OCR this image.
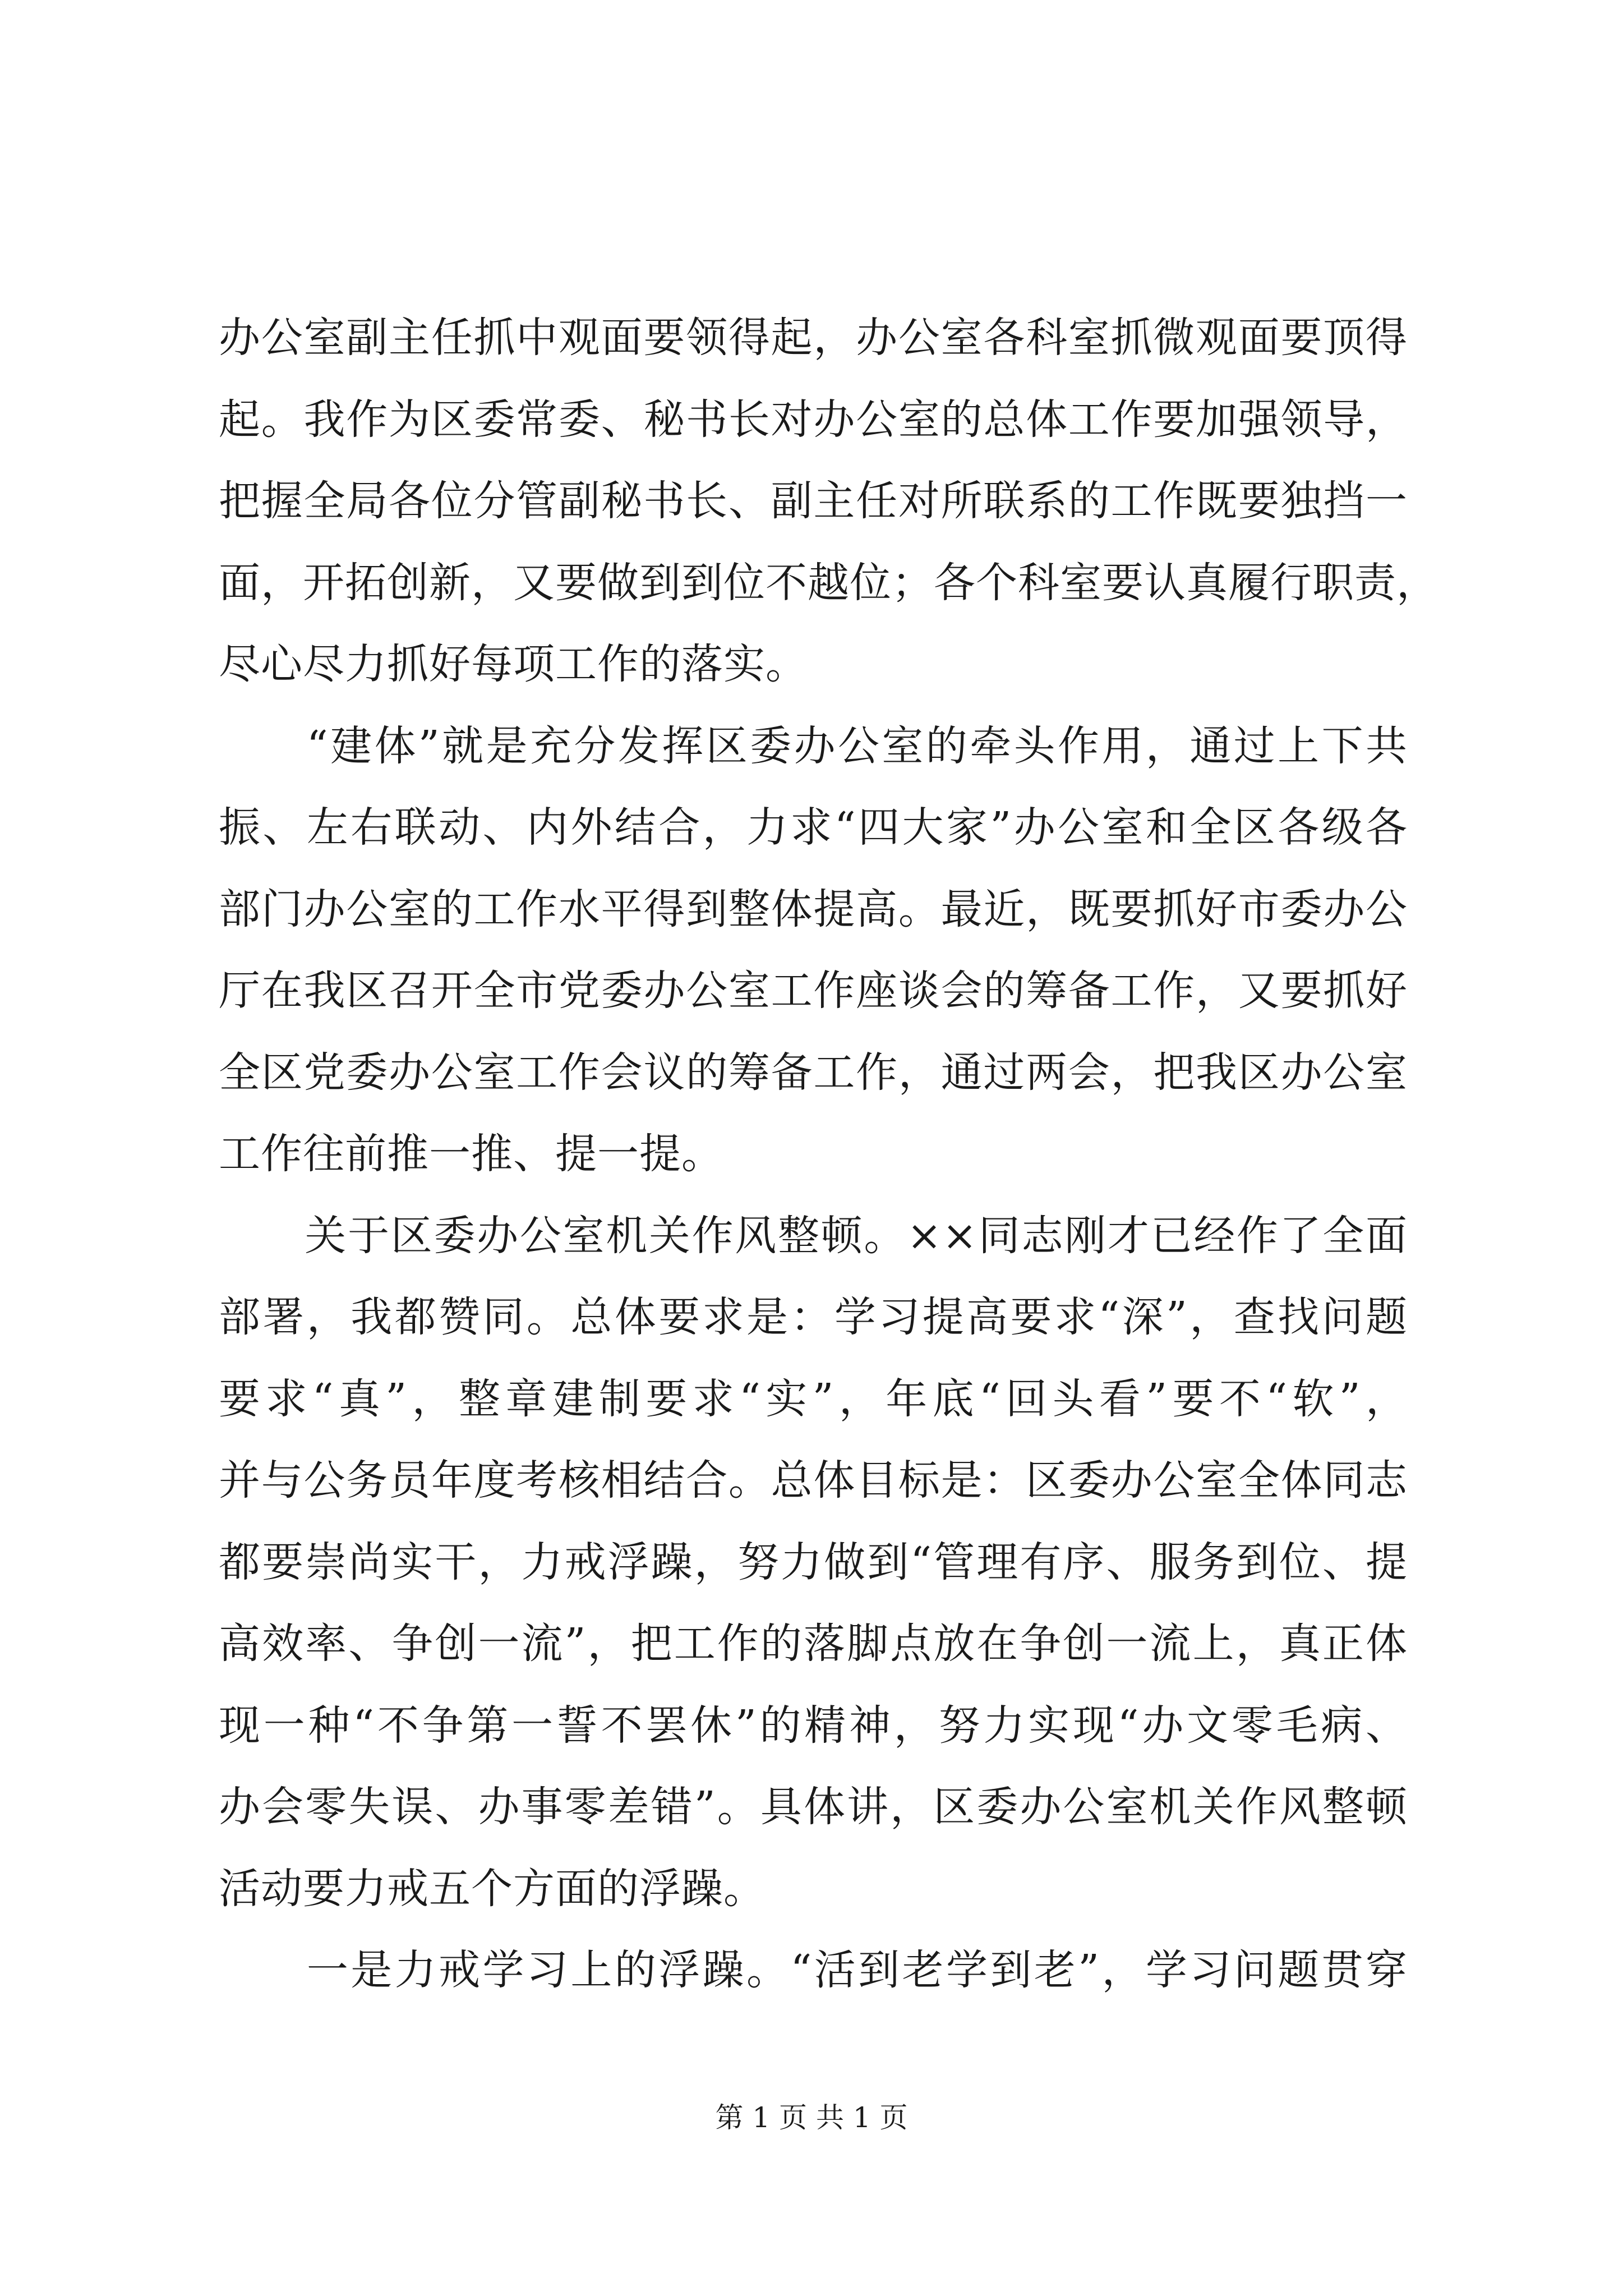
办公室副主任抓中观面要领得起，办公室各科室抓微观面要顶得
起。我作为区委常委、秘书长对办公室的总体工作要加强领导，
把握全局各位分管副秘书长、副主任对所联系的工作既要独挡一
面，开拓创新，又要做到到位不越位；各个科室要认真履行职责，
尽心尽力抓好每项工作的落实。
　　“建体”就是充分发挥区委办公室的牵头作用，通过上下共
振、左右联动、内外结合，力求“四大家”办公室和全区各级各
部门办公室的工作水平得到整体提高。最近，既要抓好市委办公
厅在我区召开全市党委办公室工作座谈会的筹备工作，又要抓好
全区党委办公室工作会议的筹备工作，通过两会，把我区办公室
工作往前推一推、提一提。
　　关于区委办公室机关作风整顿。××同志刚才已经作了全面
部署，我都赞同。总体要求是：学习提高要求“深”，查找问题
要求“真”，整章建制要求“实”，年底“回头看”要不“软”，
并与公务员年度考核相结合。总体目标是：区委办公室全体同志
都要崇尚实干，力戒浮躁，努力做到“管理有序、服务到位、提
高效率、争创一流”，把工作的落脚点放在争创一流上，真正体
现一种“不争第一誓不罢休”的精神，努力实现“办文零毛病、
办会零失误、办事零差错”。具体讲，区委办公室机关作风整顿
活动要力戒五个方面的浮躁。
　　一是力戒学习上的浮躁。“活到老学到老”，学习问题贯穿
第 1 页 共 1 页
